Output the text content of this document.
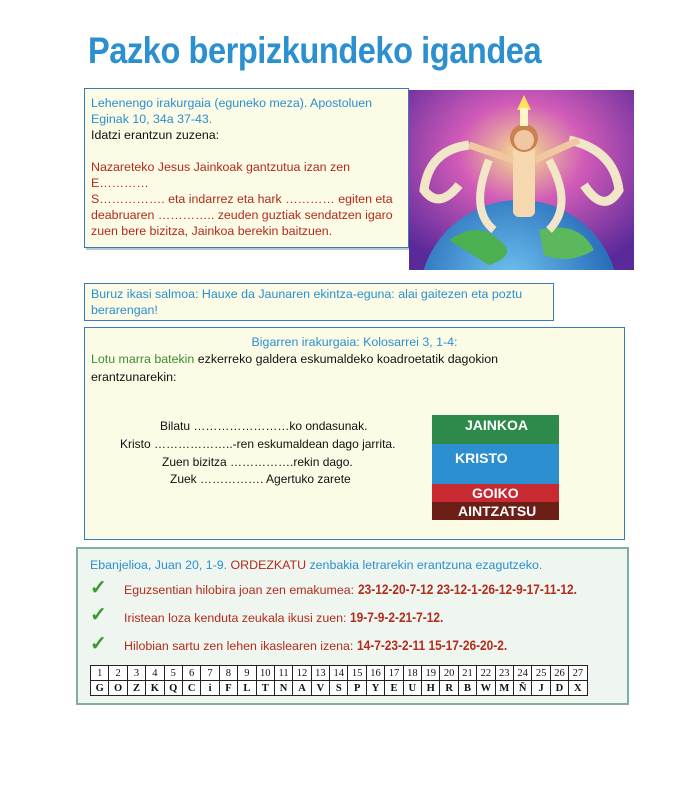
Pazko berpizkundeko igandea
Lehenengo irakurgaia (eguneko meza). Apostoluen
Eginak 10, 34a 37-43.
Idatzi erantzun zuzena:
Nazareteko Jesus Jainkoak gantzutua izan zen E…………
S……………. eta indarrez eta hark ………… egiten eta
deabruaren ………….. zeuden guztiak sendatzen igaro
zuen bere bizitza, Jainkoa berekin baitzuen.
Buruz ikasi salmoa: Hauxe da Jaunaren ekintza-eguna: alai gaitezen eta poztu
berarengan!
Bigarren irakurgaia: Kolosarrei 3, 1-4:
Lotu marra batekin ezkerreko galdera eskumaldeko koadroetatik dagokion
erantzunarekin:
Bilatu ……………………ko ondasunak.
Kristo ………………..-ren eskumaldean dago jarrita.
Zuen bizitza …………….rekin dago.
Zuek ……………. Agertuko zarete
JAINKOA
KRISTO
GOIKO
AINTZATSU
Ebanjelioa, Juan 20, 1-9. ORDEZKATU zenbakia letrarekin erantzuna ezagutzeko.
✓ Eguzsentian hilobira joan zen emakumea: 23-12-20-7-12 23-12-1-26-12-9-17-11-12.
✓ Iristean loza kenduta zeukala ikusi zuen: 19-7-9-2-21-7-12.
✓ Hilobian sartu zen lehen ikaslearen izena: 14-7-23-2-11 15-17-26-20-2.
1	2	3	4	5	6	7	8	9	10	11	12	13	14	15	16	17	18	19	20	21	22	23	24	25	26	27
G	O	Z	K	Q	C	i	F	L	T	N	A	V	S	P	Y	E	U	H	R	B	W	M	Ñ	J	D	X
